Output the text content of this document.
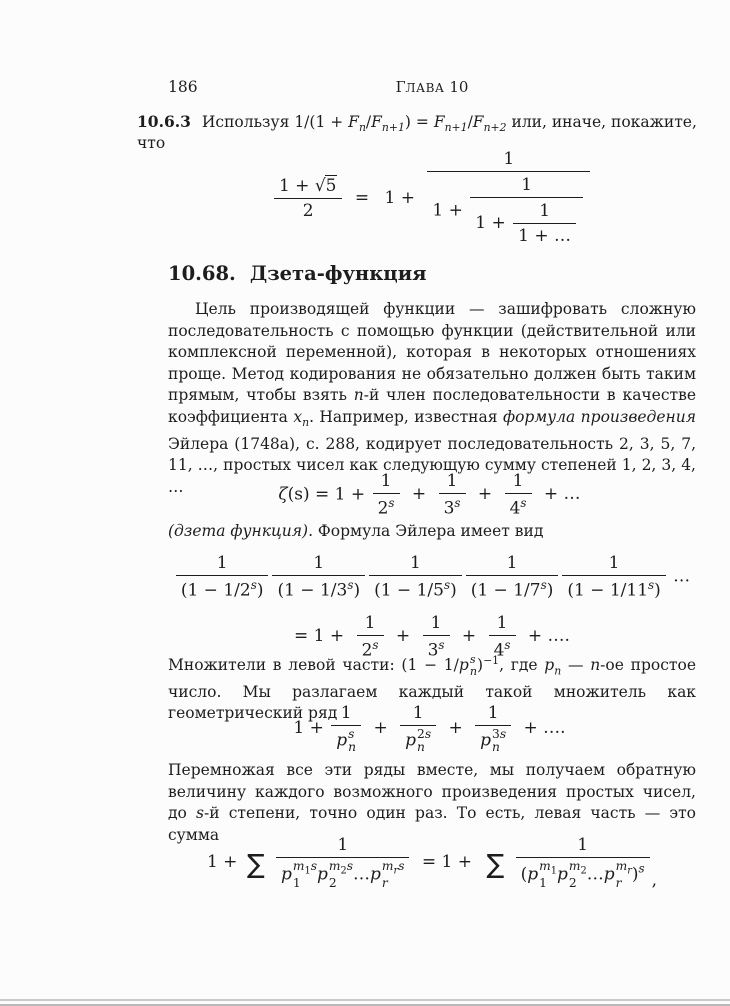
186	ГЛАВА 10
10.6.3 Используя $1/(1 + F_n/F_{n+1}) = F_{n+1}/F_{n+2}$ или, иначе, покажите, что
$\frac{1 + √5}{2} = 1$ +
1
$1 + \frac{1}{1 + \frac{1}{1 + \dots}}$
10.68. Дзета-функция
Цель производящей функции — зашифровать сложную последовательность с помощью функции (действительной или комплексной переменной), которая в некоторых отношениях проще. Метод кодирования не обязательно должен быть таким прямым, чтобы взять n-й член последовательности в качестве коэффициента $x_n$. Например, известная формула произведения Эйлера (1748a), с. 288, кодирует последовательность 2, 3, 5, 7, 11, …, простых чисел как следующую сумму степеней 1, 2, 3, 4, …	$\zeta(s) = 1 + \frac{1}{2^s} + \frac{1}{3^s} + \frac{1}{4^s}$ + …
(дзета функция). Формула Эйлера имеет вид
$\frac{1}{(1 - 1/2^s)} \frac{1}{(1 - 1/3^s)} \frac{1}{(1 - 1/5^s)} \frac{1}{(1 - 1/7^s)} \frac{1}{(1 - 1/11^s)}$ …
= $1 + \frac{1}{2^s} + \frac{1}{3^s} + \frac{1}{4^s}$ + ….
Множители в левой части: (1 − 1/p s
n )$^{-1}$, где $p_n$ — n-ое простое число. Мы разлагаем каждый такой множитель как геометрический ряд
1 + 1
p s
n + 1
p 2s
n + 1
p 3s
n + ….
Перемножая все эти ряды вместе, мы получаем обратную величину каждого возможного произведения простых чисел, до s-й степени, точно один раз. То есть, левая часть — это сумма
1 + ∑ 1
p $m_1s$
1 p $m_2s$
2 …p $m_rs$
r = 1 + ∑ 1
(p $m_1$
1 p $m_2$
2 …p $m_r$
r )$^s$ ,
